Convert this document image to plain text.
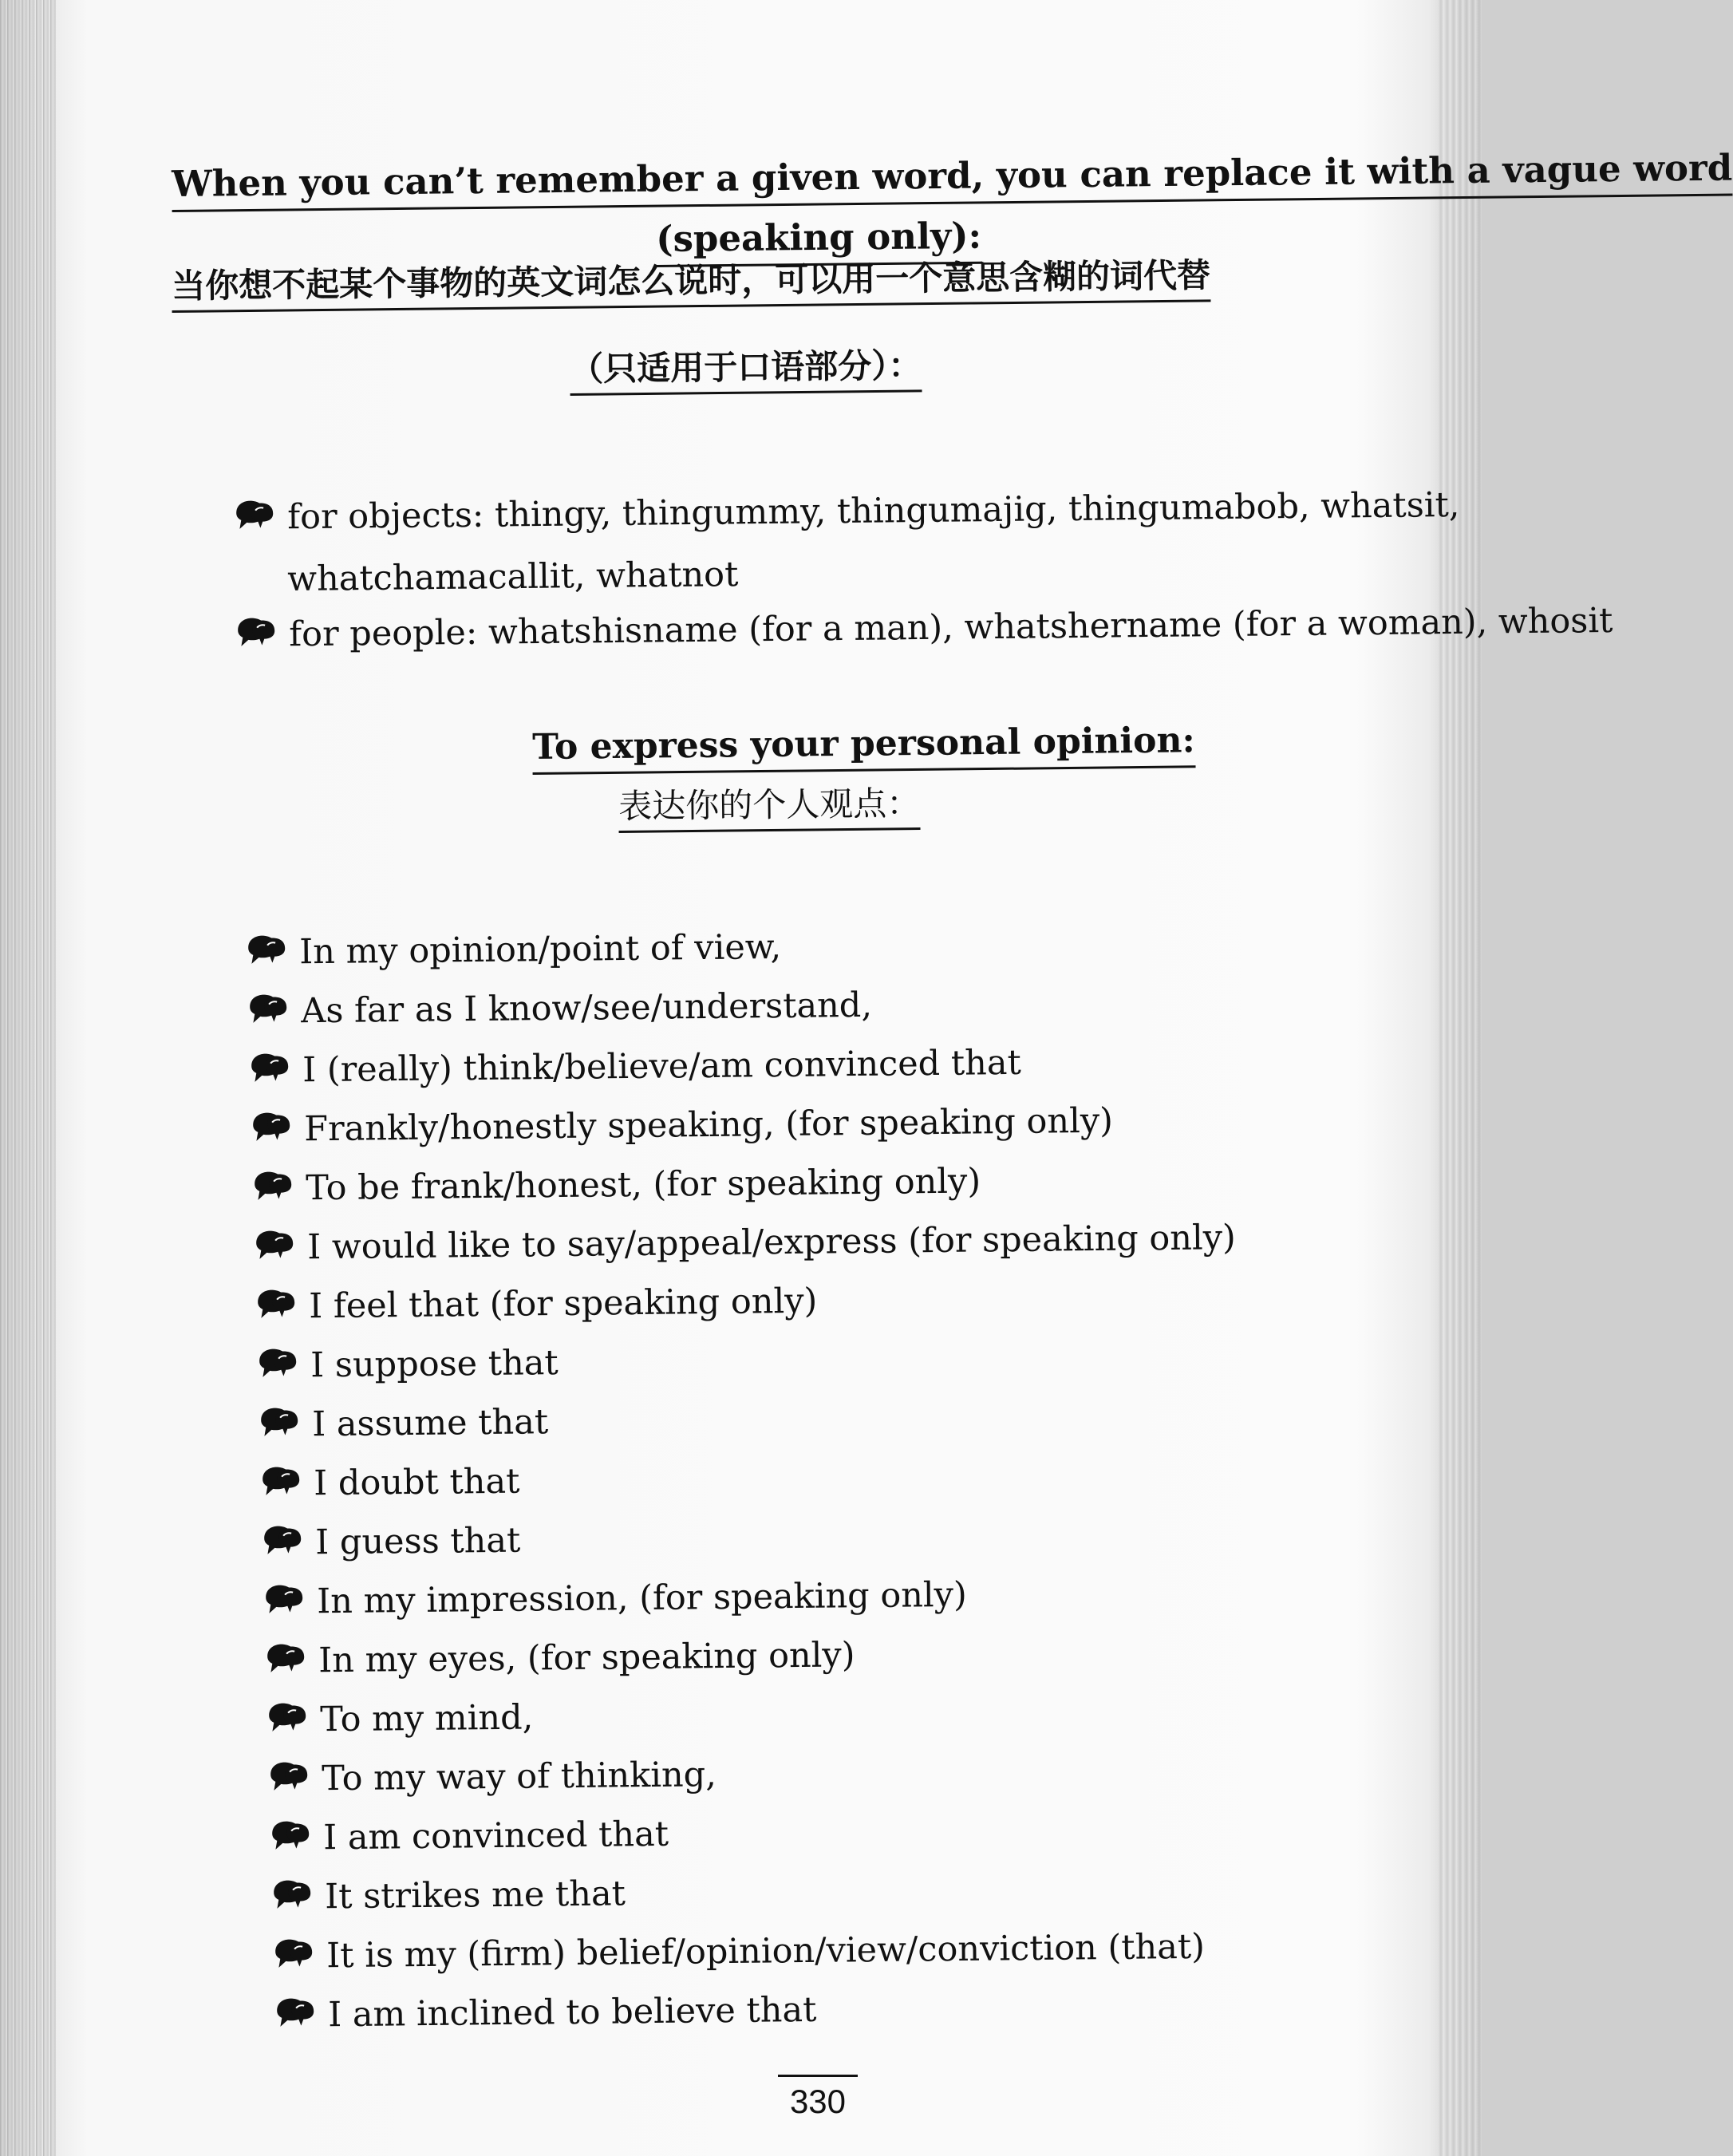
When you can’t remember a given word, you can replace it with a vague word
(speaking only):
当你想不起某个事物的英文词怎么说时，可以用一个意思含糊的词代替
（只适用于口语部分）：
for objects: thingy, thingummy, thingumajig, thingumabob, whatsit,
whatchamacallit, whatnot
for people: whatshisname (for a man), whatshername (for a woman), whosit
To express your personal opinion:
表达你的个人观点：
In my opinion/point of view,
As far as I know/see/understand,
I (really) think/believe/am convinced that
Frankly/honestly speaking, (for speaking only)
To be frank/honest, (for speaking only)
I would like to say/appeal/express (for speaking only)
I feel that (for speaking only)
I suppose that
I assume that
I doubt that
I guess that
In my impression, (for speaking only)
In my eyes, (for speaking only)
To my mind,
To my way of thinking,
I am convinced that
It strikes me that
It is my (firm) belief/opinion/view/conviction (that)
I am inclined to believe that
330
